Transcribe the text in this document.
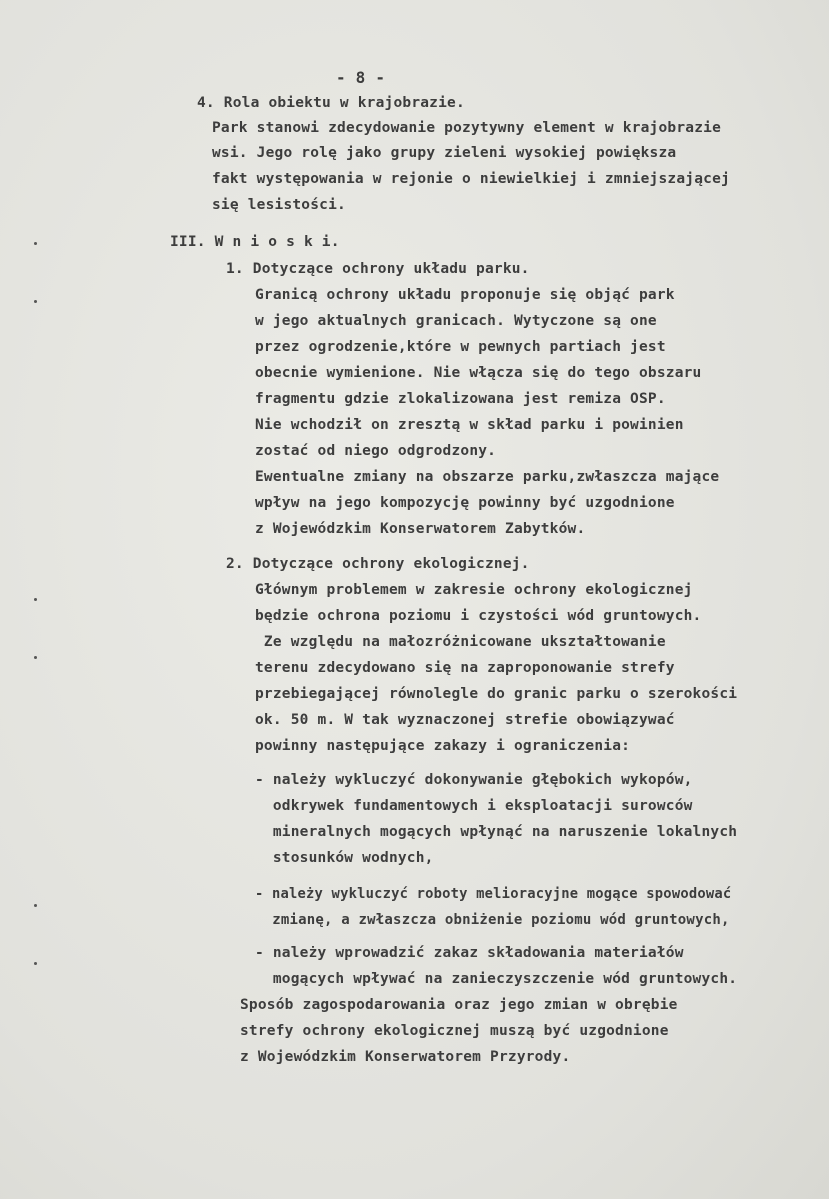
- 8 -
4. Rola obiektu w krajobrazie.
Park stanowi zdecydowanie pozytywny element w krajobrazie
wsi. Jego rolę jako grupy zieleni wysokiej powiększa
fakt występowania w rejonie o niewielkiej i zmniejszającej
się lesistości.
III. W n i o s k i.
1. Dotyczące ochrony układu parku.
Granicą ochrony układu proponuje się objąć park
w jego aktualnych granicach. Wytyczone są one
przez ogrodzenie,które w pewnych partiach jest
obecnie wymienione. Nie włącza się do tego obszaru
fragmentu gdzie zlokalizowana jest remiza OSP.
Nie wchodził on zresztą w skład parku i powinien
zostać od niego odgrodzony.
Ewentualne zmiany na obszarze parku,zwłaszcza mające
wpływ na jego kompozycję powinny być uzgodnione
z Wojewódzkim Konserwatorem Zabytków.
2. Dotyczące ochrony ekologicznej.
Głównym problemem w zakresie ochrony ekologicznej
będzie ochrona poziomu i czystości wód gruntowych.
Ze względu na małozróżnicowane ukształtowanie
terenu zdecydowano się na zaproponowanie strefy
przebiegającej równolegle do granic parku o szerokości
ok. 50 m. W tak wyznaczonej strefie obowiązywać
powinny następujące zakazy i ograniczenia:
- należy wykluczyć dokonywanie głębokich wykopów,
odkrywek fundamentowych i eksploatacji surowców
mineralnych mogących wpłynąć na naruszenie lokalnych
stosunków wodnych,
- należy wykluczyć roboty melioracyjne mogące spowodować
zmianę, a zwłaszcza obniżenie poziomu wód gruntowych,
- należy wprowadzić zakaz składowania materiałów
mogących wpływać na zanieczyszczenie wód gruntowych.
Sposób zagospodarowania oraz jego zmian w obrębie
strefy ochrony ekologicznej muszą być uzgodnione
z Wojewódzkim Konserwatorem Przyrody.
